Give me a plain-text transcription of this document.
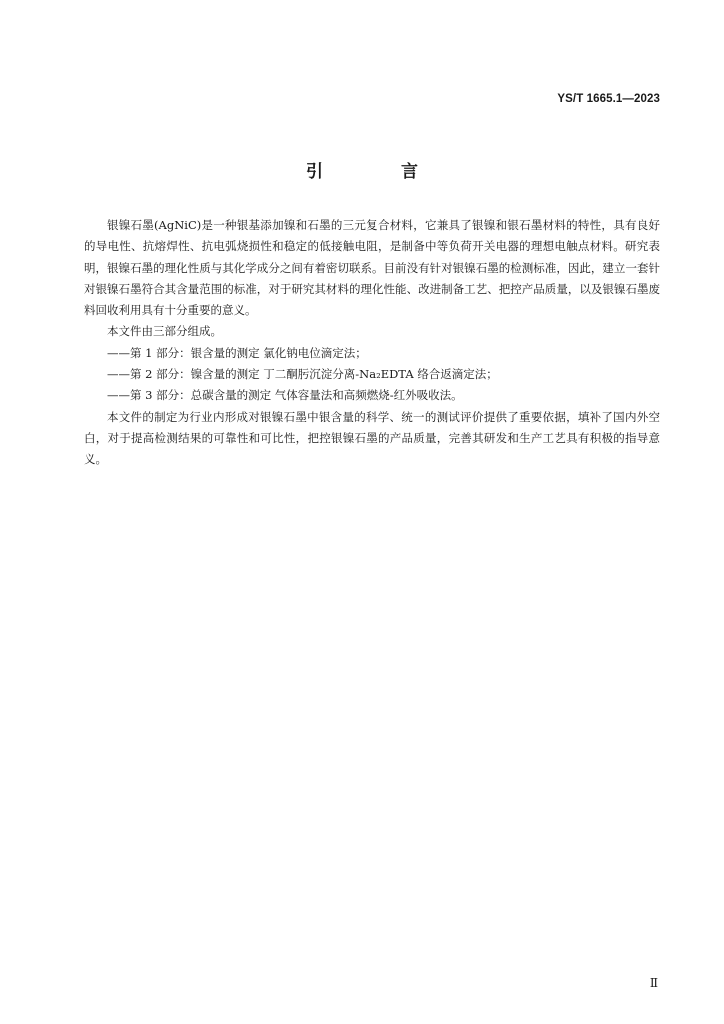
YS/T 1665.1—2023
引 言

银镍石墨(AgNiC)是一种银基添加镍和石墨的三元复合材料，它兼具了银镍和银石墨材料的特性，具有良好的导电性、抗熔焊性、抗电弧烧损性和稳定的低接触电阻，是制备中等负荷开关电器的理想电触点材料。研究表明，银镍石墨的理化性质与其化学成分之间有着密切联系。目前没有针对银镍石墨的检测标准，因此，建立一套针对银镍石墨符合其含量范围的标准，对于研究其材料的理化性能、改进制备工艺、把控产品质量，以及银镍石墨废料回收利用具有十分重要的意义。

本文件由三部分组成。

——第 1 部分：银含量的测定 氯化钠电位滴定法；

——第 2 部分：镍含量的测定 丁二酮肟沉淀分离-Na₂EDTA 络合返滴定法；

——第 3 部分：总碳含量的测定 气体容量法和高频燃烧-红外吸收法。

本文件的制定为行业内形成对银镍石墨中银含量的科学、统一的测试评价提供了重要依据，填补了国内外空白，对于提高检测结果的可靠性和可比性，把控银镍石墨的产品质量，完善其研发和生产工艺具有积极的指导意义。

Ⅱ
